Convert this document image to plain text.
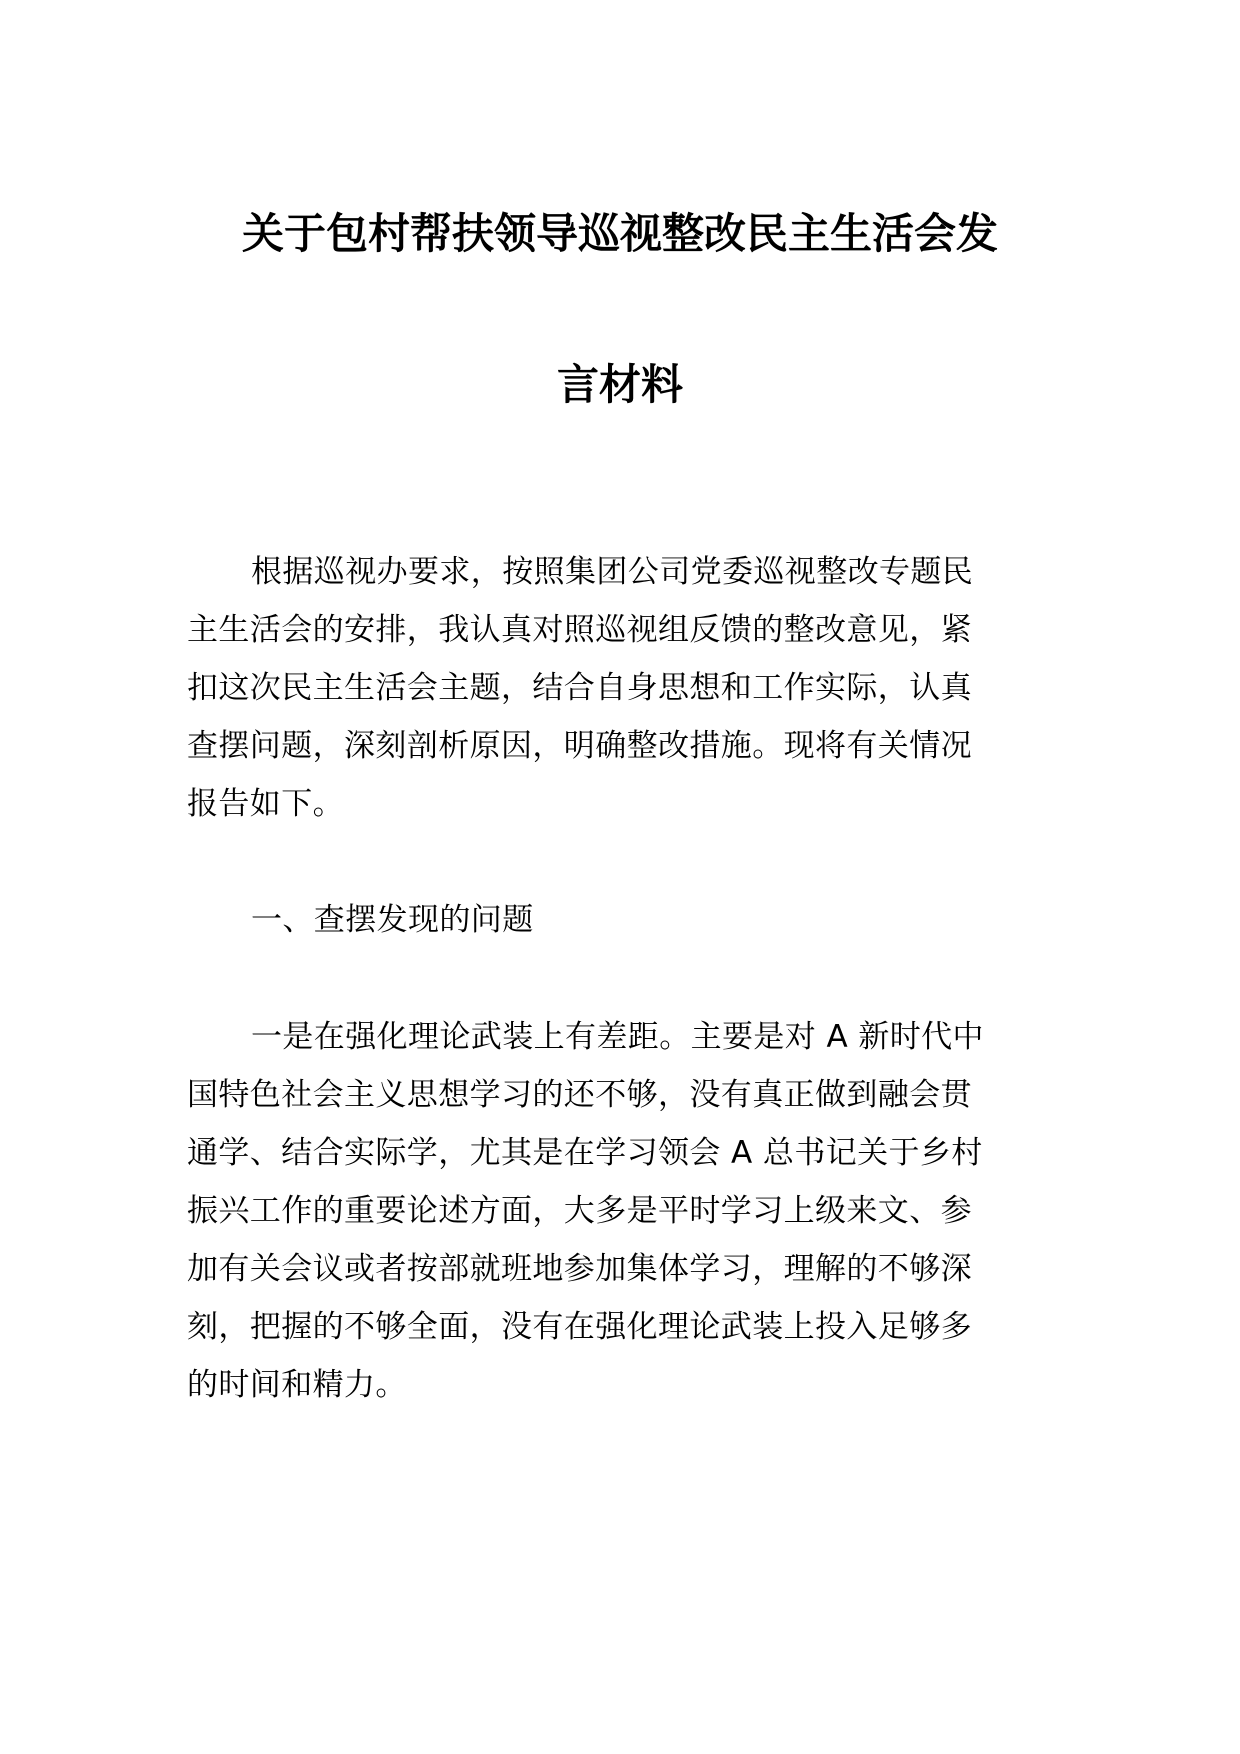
关于包村帮扶领导巡视整改民主生活会发
言材料
根据巡视办要求，按照集团公司党委巡视整改专题民
主生活会的安排，我认真对照巡视组反馈的整改意见，紧
扣这次民主生活会主题，结合自身思想和工作实际，认真
查摆问题，深刻剖析原因，明确整改措施。现将有关情况
报告如下。
一、查摆发现的问题
一是在强化理论武装上有差距。主要是对 A 新时代中
国特色社会主义思想学习的还不够，没有真正做到融会贯
通学、结合实际学，尤其是在学习领会 A 总书记关于乡村
振兴工作的重要论述方面，大多是平时学习上级来文、参
加有关会议或者按部就班地参加集体学习，理解的不够深
刻，把握的不够全面，没有在强化理论武装上投入足够多
的时间和精力。
